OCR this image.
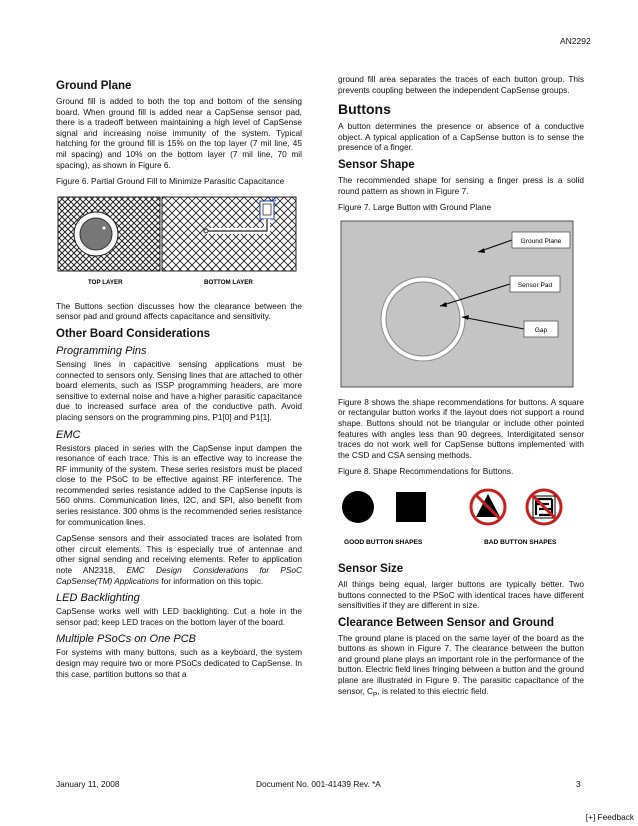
AN2292
Ground Plane

Ground fill is added to both the top and bottom of the sensing board. When ground fill is added near a CapSense sensor pad, there is a tradeoff between maintaining a high level of CapSense signal and increasing noise immunity of the system. Typical hatching for the ground fill is 15% on the top layer (7 mil line, 45 mil spacing) and 10% on the bottom layer (7 mil line, 70 mil spacing), as shown in Figure 6.

Figure 6. Partial Ground Fill to Minimize Parasitic Capacitance

U1
TOP LAYER	BOTTOM LAYER

The Buttons section discusses how the clearance between the sensor pad and ground affects capacitance and sensitivity.

Other Board Considerations
Programming Pins

Sensing lines in capacitive sensing applications must be connected to sensors only. Sensing lines that are attached to other board elements, such as ISSP programming headers, are more sensitive to external noise and have a higher parasitic capacitance due to increased surface area of the conductive path. Avoid placing sensors on the programming pins, P1[0] and P1[1].

EMC

Resistors placed in series with the CapSense input dampen the resonance of each trace. This is an effective way to increase the RF immunity of the system. These series resistors must be placed close to the PSoC to be effective against RF interference. The recommended series resistance added to the CapSense inputs is 560 ohms. Communication lines, I2C, and SPI, also benefit from series resistance. 300 ohms is the recommended series resistance for communication lines.

CapSense sensors and their associated traces are isolated from other circuit elements. This is especially true of antennae and other signal sending and receiving elements. Refer to application note AN2318, EMC Design Considerations for PSoC CapSense(TM) Applications for information on this topic.

LED Backlighting

CapSense works well with LED backlighting. Cut a hole in the sensor pad; keep LED traces on the bottom layer of the board.

Multiple PSoCs on One PCB

For systems with many buttons, such as a keyboard, the system design may require two or more PSoCs dedicated to CapSense. In this case, partition buttons so that a

ground fill area separates the traces of each button group. This prevents coupling between the independent CapSense groups.

Buttons

A button determines the presence or absence of a conductive object. A typical application of a CapSense button is to sense the presence of a finger.

Sensor Shape

The recommended shape for sensing a finger press is a solid round pattern as shown in Figure 7.

Figure 7. Large Button with Ground Plane

Ground Plane
Sensor Pad
Gap

Figure 8 shows the shape recommendations for buttons. A square or rectangular button works if the layout does not support a round shape. Buttons should not be triangular or include other pointed features with angles less than 90 degrees. Interdigitated sensor traces do not work well for CapSense buttons implemented with the CSD and CSA sensing methods.

Figure 8. Shape Recommendations for Buttons.

GOOD BUTTON SHAPES	BAD BUTTON SHAPES
Sensor Size

All things being equal, larger buttons are typically better. Two buttons connected to the PSoC with identical traces have different sensitivities if they are different in size.

Clearance Between Sensor and Ground

The ground plane is placed on the same layer of the board as the buttons as shown in Figure 7. The clearance between the button and ground plane plays an important role in the performance of the button. Electric field lines fringing between a button and the ground plane are illustrated in Figure 9. The parasitic capacitance of the sensor, $C_P$, is related to this electric field.

January 11, 2008	Document No. 001-41439 Rev. *A	3
[+] Feedback
